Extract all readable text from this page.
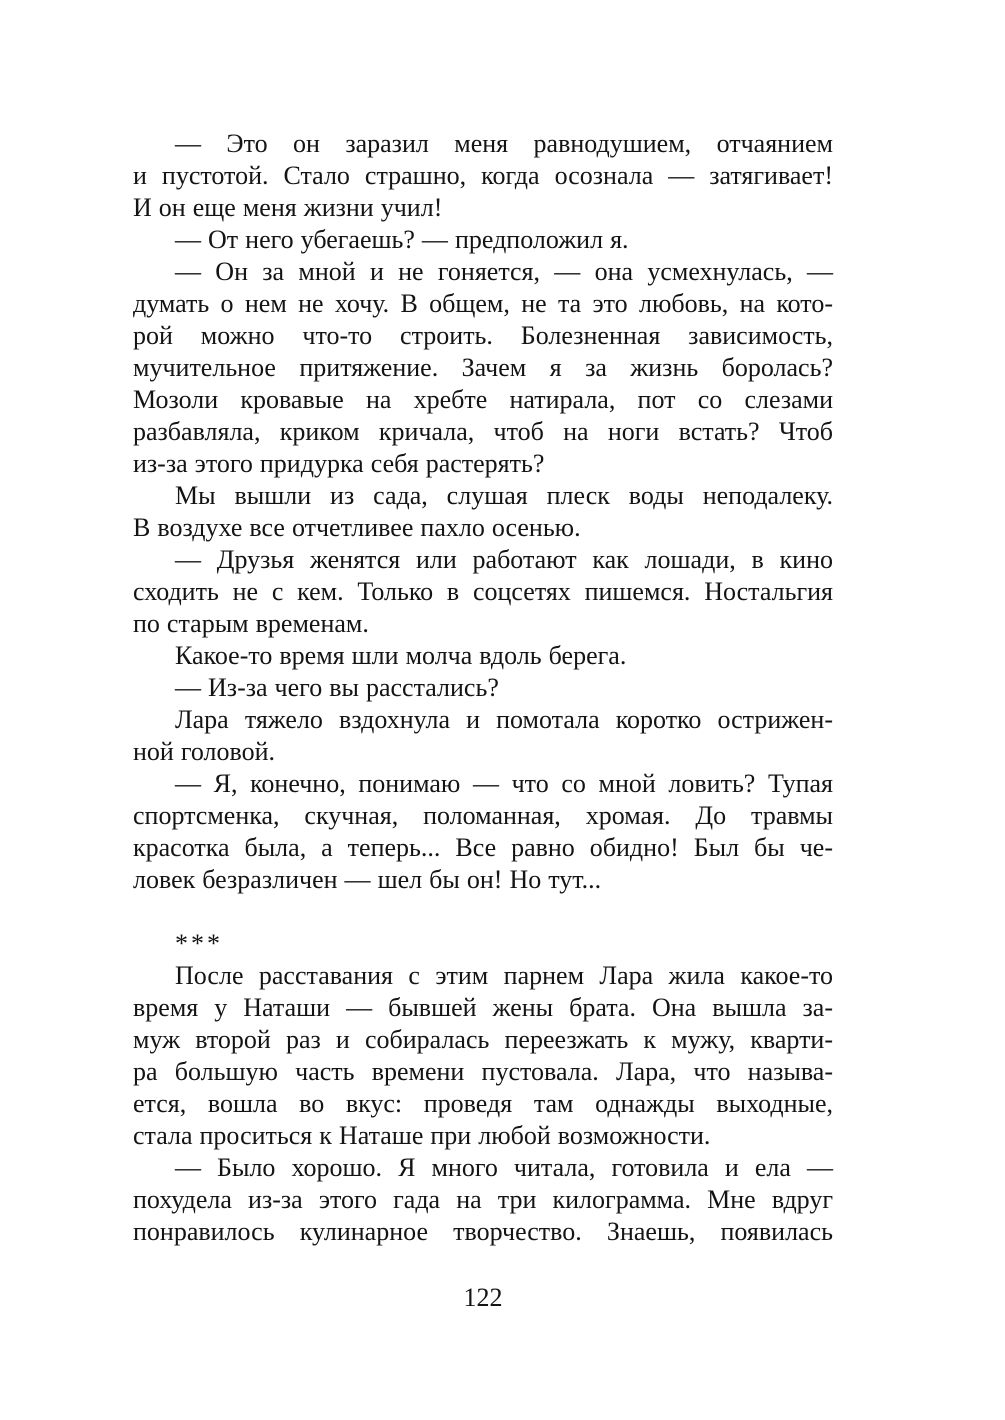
— Это он заразил меня равнодушием, отчаянием
и пустотой. Стало страшно, когда осознала — затягивает!
И он еще меня жизни учил!
— От него убегаешь? — предположил я.
— Он за мной и не гоняется, — она усмехнулась, —
думать о нем не хочу. В общем, не та это любовь, на кото-
рой можно что-то строить. Болезненная зависимость,
мучительное притяжение. Зачем я за жизнь боролась?
Мозоли кровавые на хребте натирала, пот со слезами
разбавляла, криком кричала, чтоб на ноги встать? Чтоб
из-за этого придурка себя растерять?
Мы вышли из сада, слушая плеск воды неподалеку.
В воздухе все отчетливее пахло осенью.
— Друзья женятся или работают как лошади, в кино
сходить не с кем. Только в соцсетях пишемся. Ностальгия
по старым временам.
Какое-то время шли молча вдоль берега.
— Из-за чего вы расстались?
Лара тяжело вздохнула и помотала коротко острижен-
ной головой.
— Я, конечно, понимаю — что со мной ловить? Тупая
спортсменка, скучная, поломанная, хромая. До травмы
красотка была, а теперь... Все равно обидно! Был бы че-
ловек безразличен — шел бы он! Но тут...
***
После расставания с этим парнем Лара жила какое-то
время у Наташи — бывшей жены брата. Она вышла за-
муж второй раз и собиралась переезжать к мужу, кварти-
ра большую часть времени пустовала. Лара, что называ-
ется, вошла во вкус: проведя там однажды выходные,
стала проситься к Наташе при любой возможности.
— Было хорошо. Я много читала, готовила и ела —
похудела из-за этого гада на три килограмма. Мне вдруг
понравилось кулинарное творчество. Знаешь, появилась
122
